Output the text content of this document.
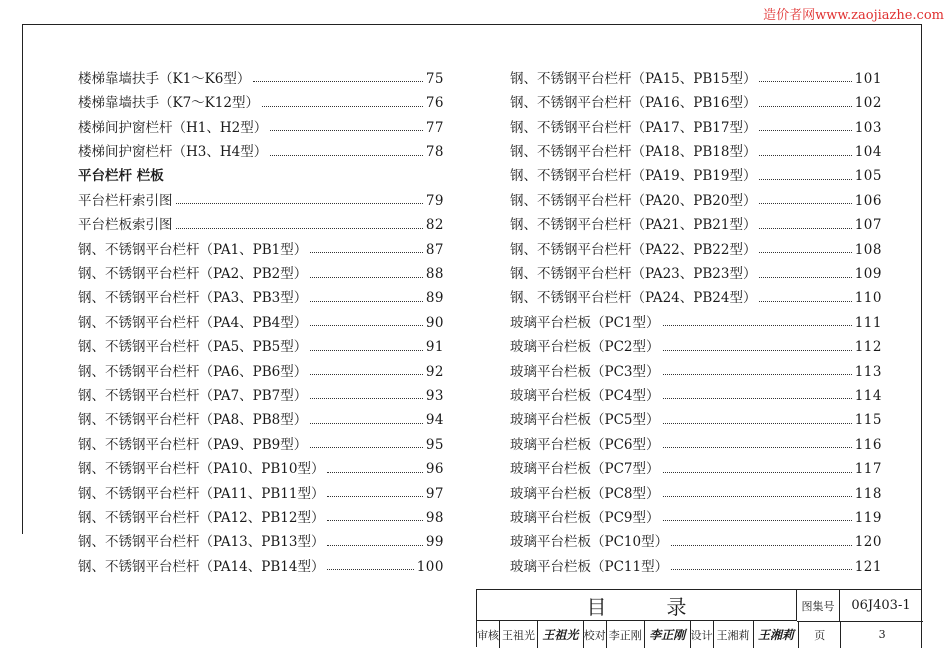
造价者网www.zaojiazhe.com
楼梯靠墙扶手（K1～K6型）	75
楼梯靠墙扶手（K7～K12型）	76
楼梯间护窗栏杆（H1、H2型）	77
楼梯间护窗栏杆（H3、H4型）	78
平台栏杆 栏板
平台栏杆索引图	79
平台栏板索引图	82
钢、不锈钢平台栏杆（PA1、PB1型）	87
钢、不锈钢平台栏杆（PA2、PB2型）	88
钢、不锈钢平台栏杆（PA3、PB3型）	89
钢、不锈钢平台栏杆（PA4、PB4型）	90
钢、不锈钢平台栏杆（PA5、PB5型）	91
钢、不锈钢平台栏杆（PA6、PB6型）	92
钢、不锈钢平台栏杆（PA7、PB7型）	93
钢、不锈钢平台栏杆（PA8、PB8型）	94
钢、不锈钢平台栏杆（PA9、PB9型）	95
钢、不锈钢平台栏杆（PA10、PB10型）	96
钢、不锈钢平台栏杆（PA11、PB11型）	97
钢、不锈钢平台栏杆（PA12、PB12型）	98
钢、不锈钢平台栏杆（PA13、PB13型）	99
钢、不锈钢平台栏杆（PA14、PB14型）	100
钢、不锈钢平台栏杆（PA15、PB15型）	101
钢、不锈钢平台栏杆（PA16、PB16型）	102
钢、不锈钢平台栏杆（PA17、PB17型）	103
钢、不锈钢平台栏杆（PA18、PB18型）	104
钢、不锈钢平台栏杆（PA19、PB19型）	105
钢、不锈钢平台栏杆（PA20、PB20型）	106
钢、不锈钢平台栏杆（PA21、PB21型）	107
钢、不锈钢平台栏杆（PA22、PB22型）	108
钢、不锈钢平台栏杆（PA23、PB23型）	109
钢、不锈钢平台栏杆（PA24、PB24型）	110
玻璃平台栏板（PC1型）	111
玻璃平台栏板（PC2型）	112
玻璃平台栏板（PC3型）	113
玻璃平台栏板（PC4型）	114
玻璃平台栏板（PC5型）	115
玻璃平台栏板（PC6型）	116
玻璃平台栏板（PC7型）	117
玻璃平台栏板（PC8型）	118
玻璃平台栏板（PC9型）	119
玻璃平台栏板（PC10型）	120
玻璃平台栏板（PC11型）	121
目录	图集号	06J403-1
审核 王祖光 王祖光 校对 李正刚 李正刚 设计 王湘莉 王湘莉	页	3
